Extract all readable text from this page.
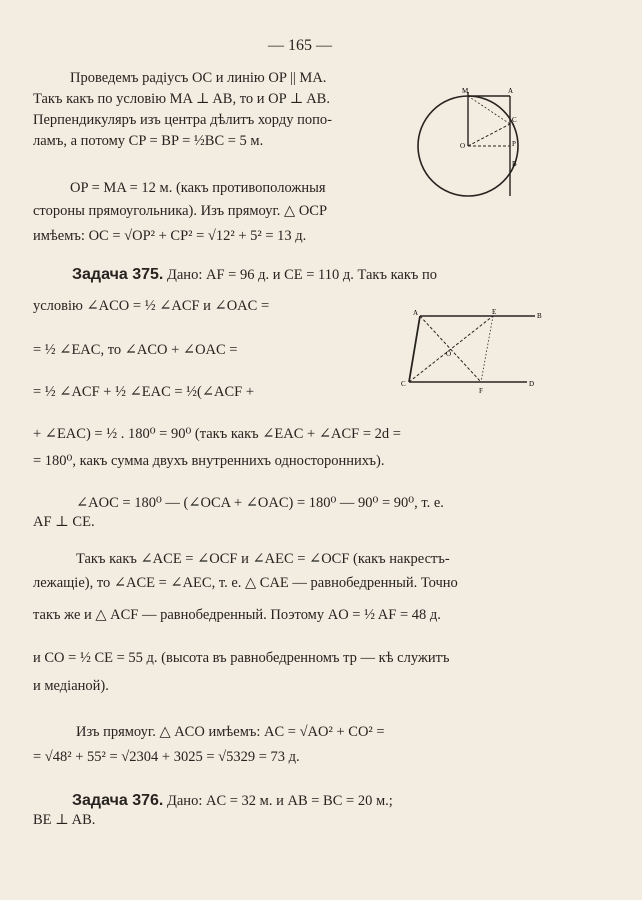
— 165 —
Проведемъ радіусъ OC и линію OP || MA.
Такъ какъ по условію MA ⊥ AB, то и OP ⊥ AB.
Перпендикуляръ изъ центра дѣлитъ хорду попо-
ламъ, а потому CP = BP = ½BC = 5 м.
OP = MA = 12 м. (какъ противоположныя
стороны прямоугольника). Изъ прямоуг. △ OCP
имѣемъ: OC = √OP² + CP² = √12² + 5² = 13 д.
M	A
C
O	P
B
Задача 375. Дано: AF = 96 д. и CE = 110 д. Такъ какъ по
условію ∠ACO = ½ ∠ACF и ∠OAC =
= ½ ∠EAC, то ∠ACO + ∠OAC =
= ½ ∠ACF + ½ ∠EAC = ½(∠ACF +
+ ∠EAC) = ½ . 180⁰ = 90⁰ (такъ какъ ∠EAC + ∠ACF = 2d =
= 180⁰, какъ сумма двухъ внутреннихъ одностороннихъ).
A	E	B
O
C
F
D
∠AOC = 180⁰ — (∠OCA + ∠OAC) = 180⁰ — 90⁰ = 90⁰, т. е.
AF ⊥ CE.
Такъ какъ ∠ACE = ∠OCF и ∠AEC = ∠OCF (какъ накрестъ-
лежащіе), то ∠ACE = ∠AEC, т. е. △ CAE — равнобедренный. Точно
такъ же и △ ACF — равнобедренный. Поэтому AO = ½ AF = 48 д.
и CO = ½ CE = 55 д. (высота въ равнобедренномъ тр — кѣ служитъ
и медіаной).
Изъ прямоуг. △ ACO имѣемъ: AC = √AO² + CO² =
= √48² + 55² = √2304 + 3025 = √5329 = 73 д.
Задача 376. Дано: AC = 32 м. и AB = BC = 20 м.;
BE ⊥ AB.
